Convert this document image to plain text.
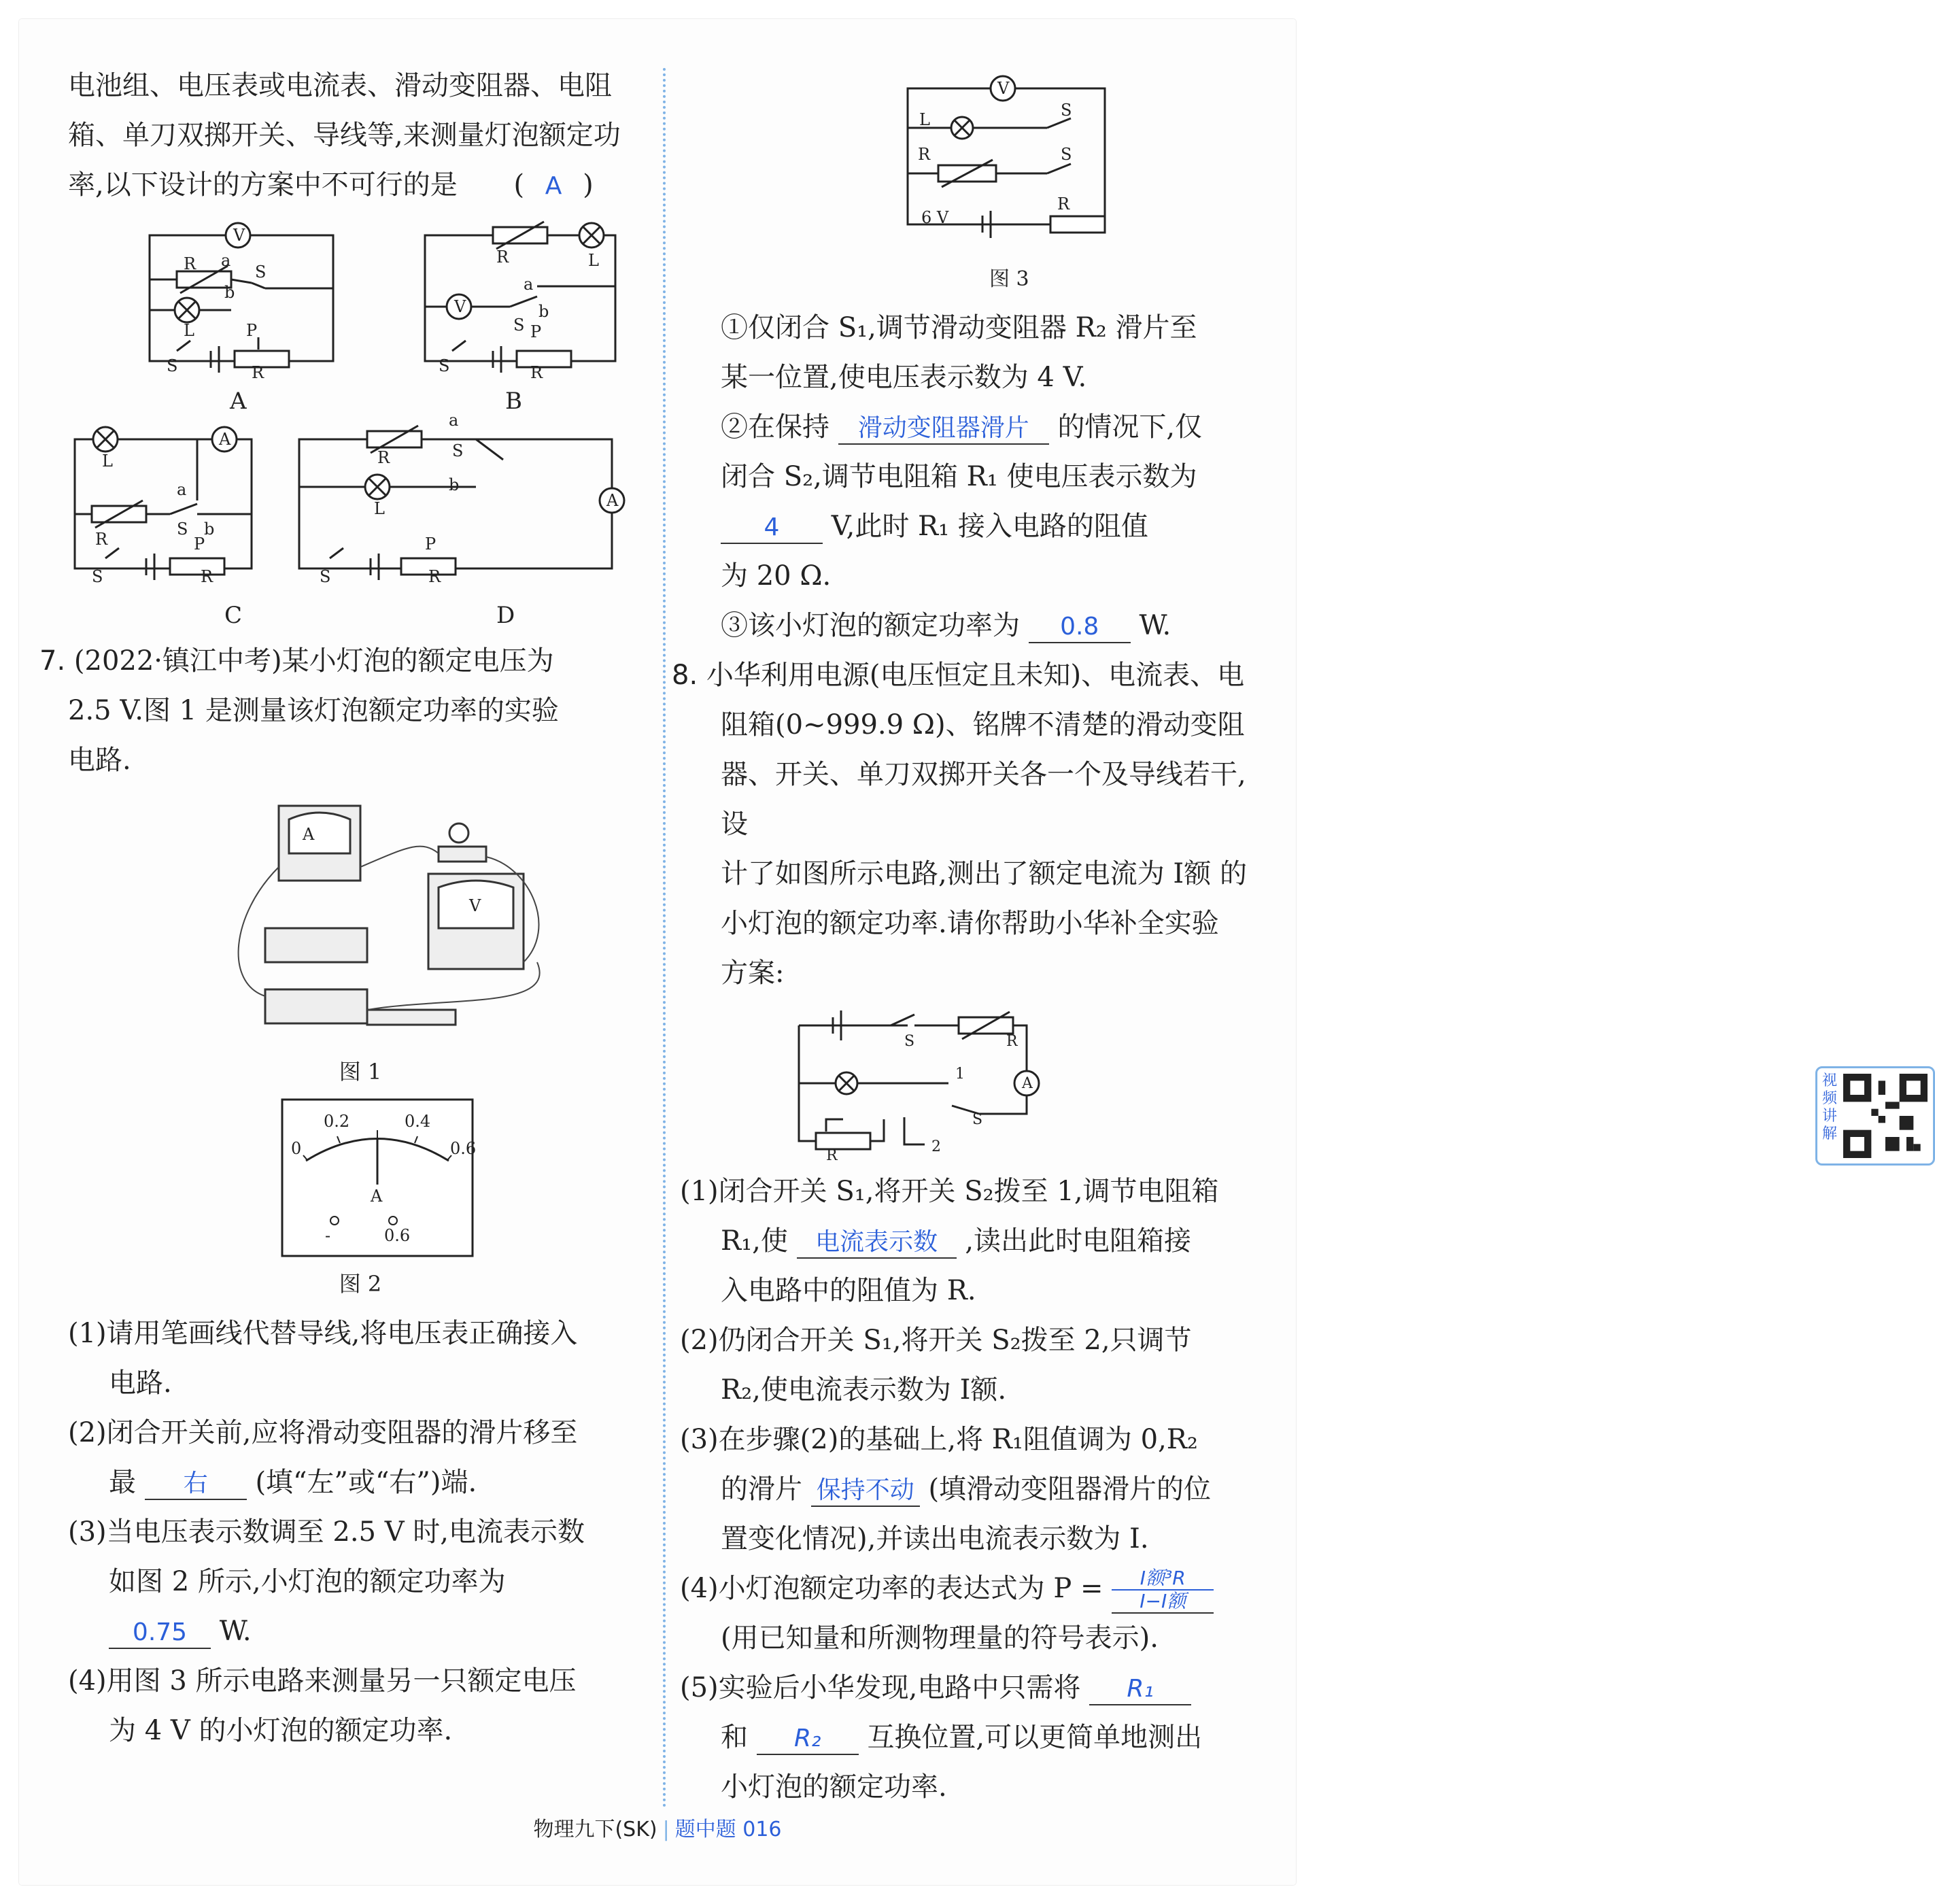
电池组、电压表或电流表、滑动变阻器、电阻

箱、单刀双掷开关、导线等,来测量灯泡额定功

率,以下设计的方案中不可行的是 ( A )

V
R a
b
S
L
S	R
P
V
R	L
a
b
S
S	R
P
A
L
R
a
b
S
S	R
P
A
R
L
a
b
S
S	R
P
A	B
C	D

7. (2022·镇江中考)某小灯泡的额定电压为

2.5 V.图 1 是测量该灯泡额定功率的实验

电路.

A
V
图 1
0
0.2	0.4
0.6
A
-	0.6
图 2

(1)请用笔画线代替导线,将电压表正确接入

电路.

(2)闭合开关前,应将滑动变阻器的滑片移至

最 右 (填“左”或“右”)端.

(3)当电压表示数调至 2.5 V 时,电流表示数

如图 2 所示,小灯泡的额定功率为

0.75 W.

(4)用图 3 所示电路来测量另一只额定电压

为 4 V 的小灯泡的额定功率.

V
L	S
R	S
R
6 V
图 3

①仅闭合 S₁,调节滑动变阻器 R₂ 滑片至

某一位置,使电压表示数为 4 V.

②在保持 滑动变阻器滑片 的情况下,仅

闭合 S₂,调节电阻箱 R₁ 使电压表示数为

4 V,此时 R₁ 接入电路的阻值

为 20 Ω.

③该小灯泡的额定功率为 0.8 W.

8. 小华利用电源(电压恒定且未知)、电流表、电

阻箱(0~999.9 Ω)、铭牌不清楚的滑动变阻

器、开关、单刀双掷开关各一个及导线若干,设

计了如图所示电路,测出了额定电流为 I额 的

小灯泡的额定功率.请你帮助小华补全实验

方案:

S	R
A
1
S
2
R
视频讲解

(1)闭合开关 S₁,将开关 S₂拨至 1,调节电阻箱

R₁,使 电流表示数 ,读出此时电阻箱接

入电路中的阻值为 R.

(2)仍闭合开关 S₁,将开关 S₂拨至 2,只调节

R₂,使电流表示数为 I额.

(3)在步骤(2)的基础上,将 R₁阻值调为 0,R₂

的滑片 保持不动 (填滑动变阻器滑片的位

置变化情况),并读出电流表示数为 I.

(4)小灯泡额定功率的表达式为 P =	I额³R
I−I额

(用已知量和所测物理量的符号表示).

(5)实验后小华发现,电路中只需将 R₁

和 R₂ 互换位置,可以更简单地测出

小灯泡的额定功率.

物理九下(SK) | 题中题 016
